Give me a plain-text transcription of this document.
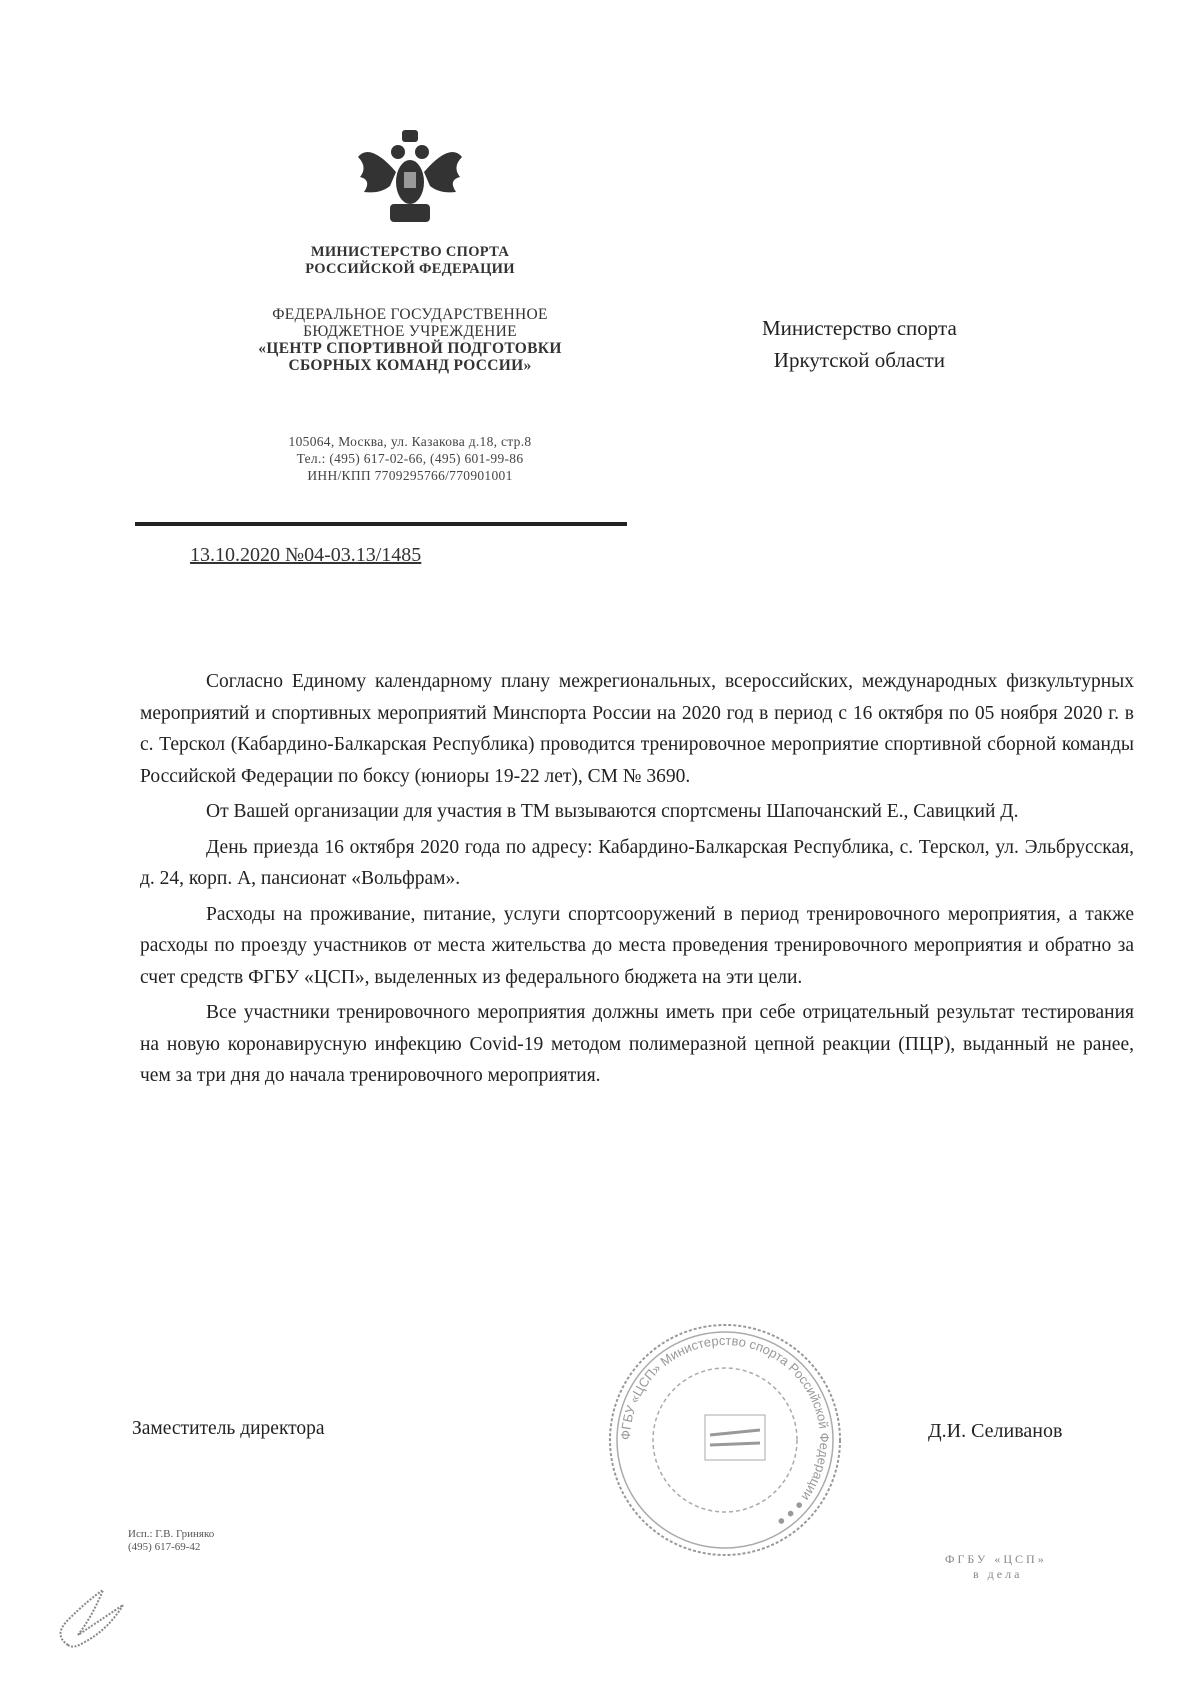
МИНИСТЕРСТВО СПОРТА
РОССИЙСКОЙ ФЕДЕРАЦИИ
ФЕДЕРАЛЬНОЕ ГОСУДАРСТВЕННОЕ
БЮДЖЕТНОЕ УЧРЕЖДЕНИЕ
«ЦЕНТР СПОРТИВНОЙ ПОДГОТОВКИ
СБОРНЫХ КОМАНД РОССИИ»
105064, Москва, ул. Казакова д.18, стр.8
Тел.: (495) 617-02-66, (495) 601-99-86
ИНН/КПП 7709295766/770901001
13.10.2020 №04-03.13/1485
Министерство спорта
Иркутской области

Согласно Единому календарному плану межрегиональных, всероссийских, международных физкультурных мероприятий и спортивных мероприятий Минспорта России на 2020 год в период с 16 октября по 05 ноября 2020 г. в с. Терскол (Кабардино-Балкарская Республика) проводится тренировочное мероприятие спортивной сборной команды Российской Федерации по боксу (юниоры 19-22 лет), СМ № 3690.

От Вашей организации для участия в ТМ вызываются спортсмены Шапочанский Е., Савицкий Д.

День приезда 16 октября 2020 года по адресу: Кабардино-Балкарская Республика, с. Терскол, ул. Эльбрусская, д. 24, корп. А, пансионат «Вольфрам».

Расходы на проживание, питание, услуги спортсооружений в период тренировочного мероприятия, а также расходы по проезду участников от места жительства до места проведения тренировочного мероприятия и обратно за счет средств ФГБУ «ЦСП», выделенных из федерального бюджета на эти цели.

Все участники тренировочного мероприятия должны иметь при себе отрицательный результат тестирования на новую коронавирусную инфекцию Covid-19 методом полимеразной цепной реакции (ПЦР), выданный не ранее, чем за три дня до начала тренировочного мероприятия.

Заместитель директора	Д.И. Селиванов
ФГБУ «ЦСП» Министерство спорта Российской Федерации ● ● ●
Исп.: Г.В. Гриняко
(495) 617-69-42
ФГБУ «ЦСП»
в дела
